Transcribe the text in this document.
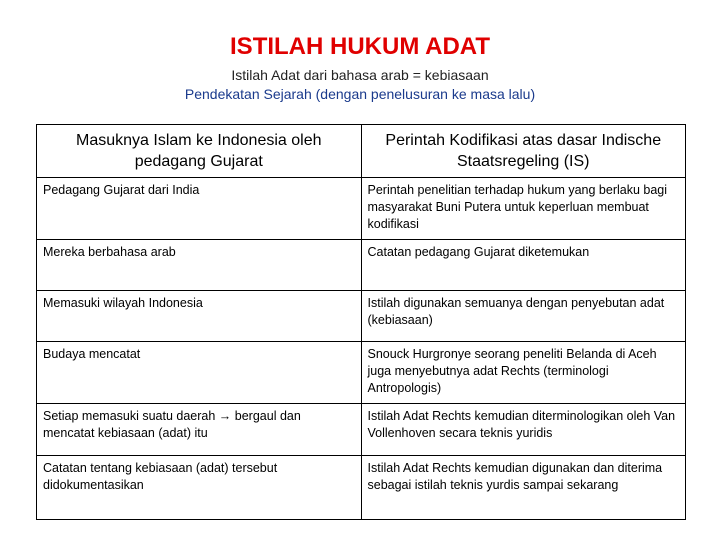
ISTILAH HUKUM ADAT
Istilah Adat dari bahasa arab = kebiasaan
Pendekatan Sejarah (dengan penelusuran ke masa lalu)
Masuknya Islam ke Indonesia oleh pedagang Gujarat	Perintah Kodifikasi atas dasar Indische Staatsregeling (IS)
Pedagang Gujarat dari India	Perintah penelitian terhadap hukum yang berlaku bagi masyarakat Buni Putera untuk keperluan membuat kodifikasi
Mereka berbahasa arab	Catatan pedagang Gujarat diketemukan
Memasuki wilayah Indonesia	Istilah digunakan semuanya dengan penyebutan adat (kebiasaan)
Budaya mencatat	Snouck Hurgronye seorang peneliti Belanda di Aceh juga menyebutnya adat Rechts (terminologi Antropologis)
Setiap memasuki suatu daerah → bergaul dan mencatat kebiasaan (adat) itu	Istilah Adat Rechts kemudian diterminologikan oleh Van Vollenhoven secara teknis yuridis
Catatan tentang kebiasaan (adat) tersebut didokumentasikan	Istilah Adat Rechts kemudian digunakan dan diterima sebagai istilah teknis yurdis sampai sekarang
